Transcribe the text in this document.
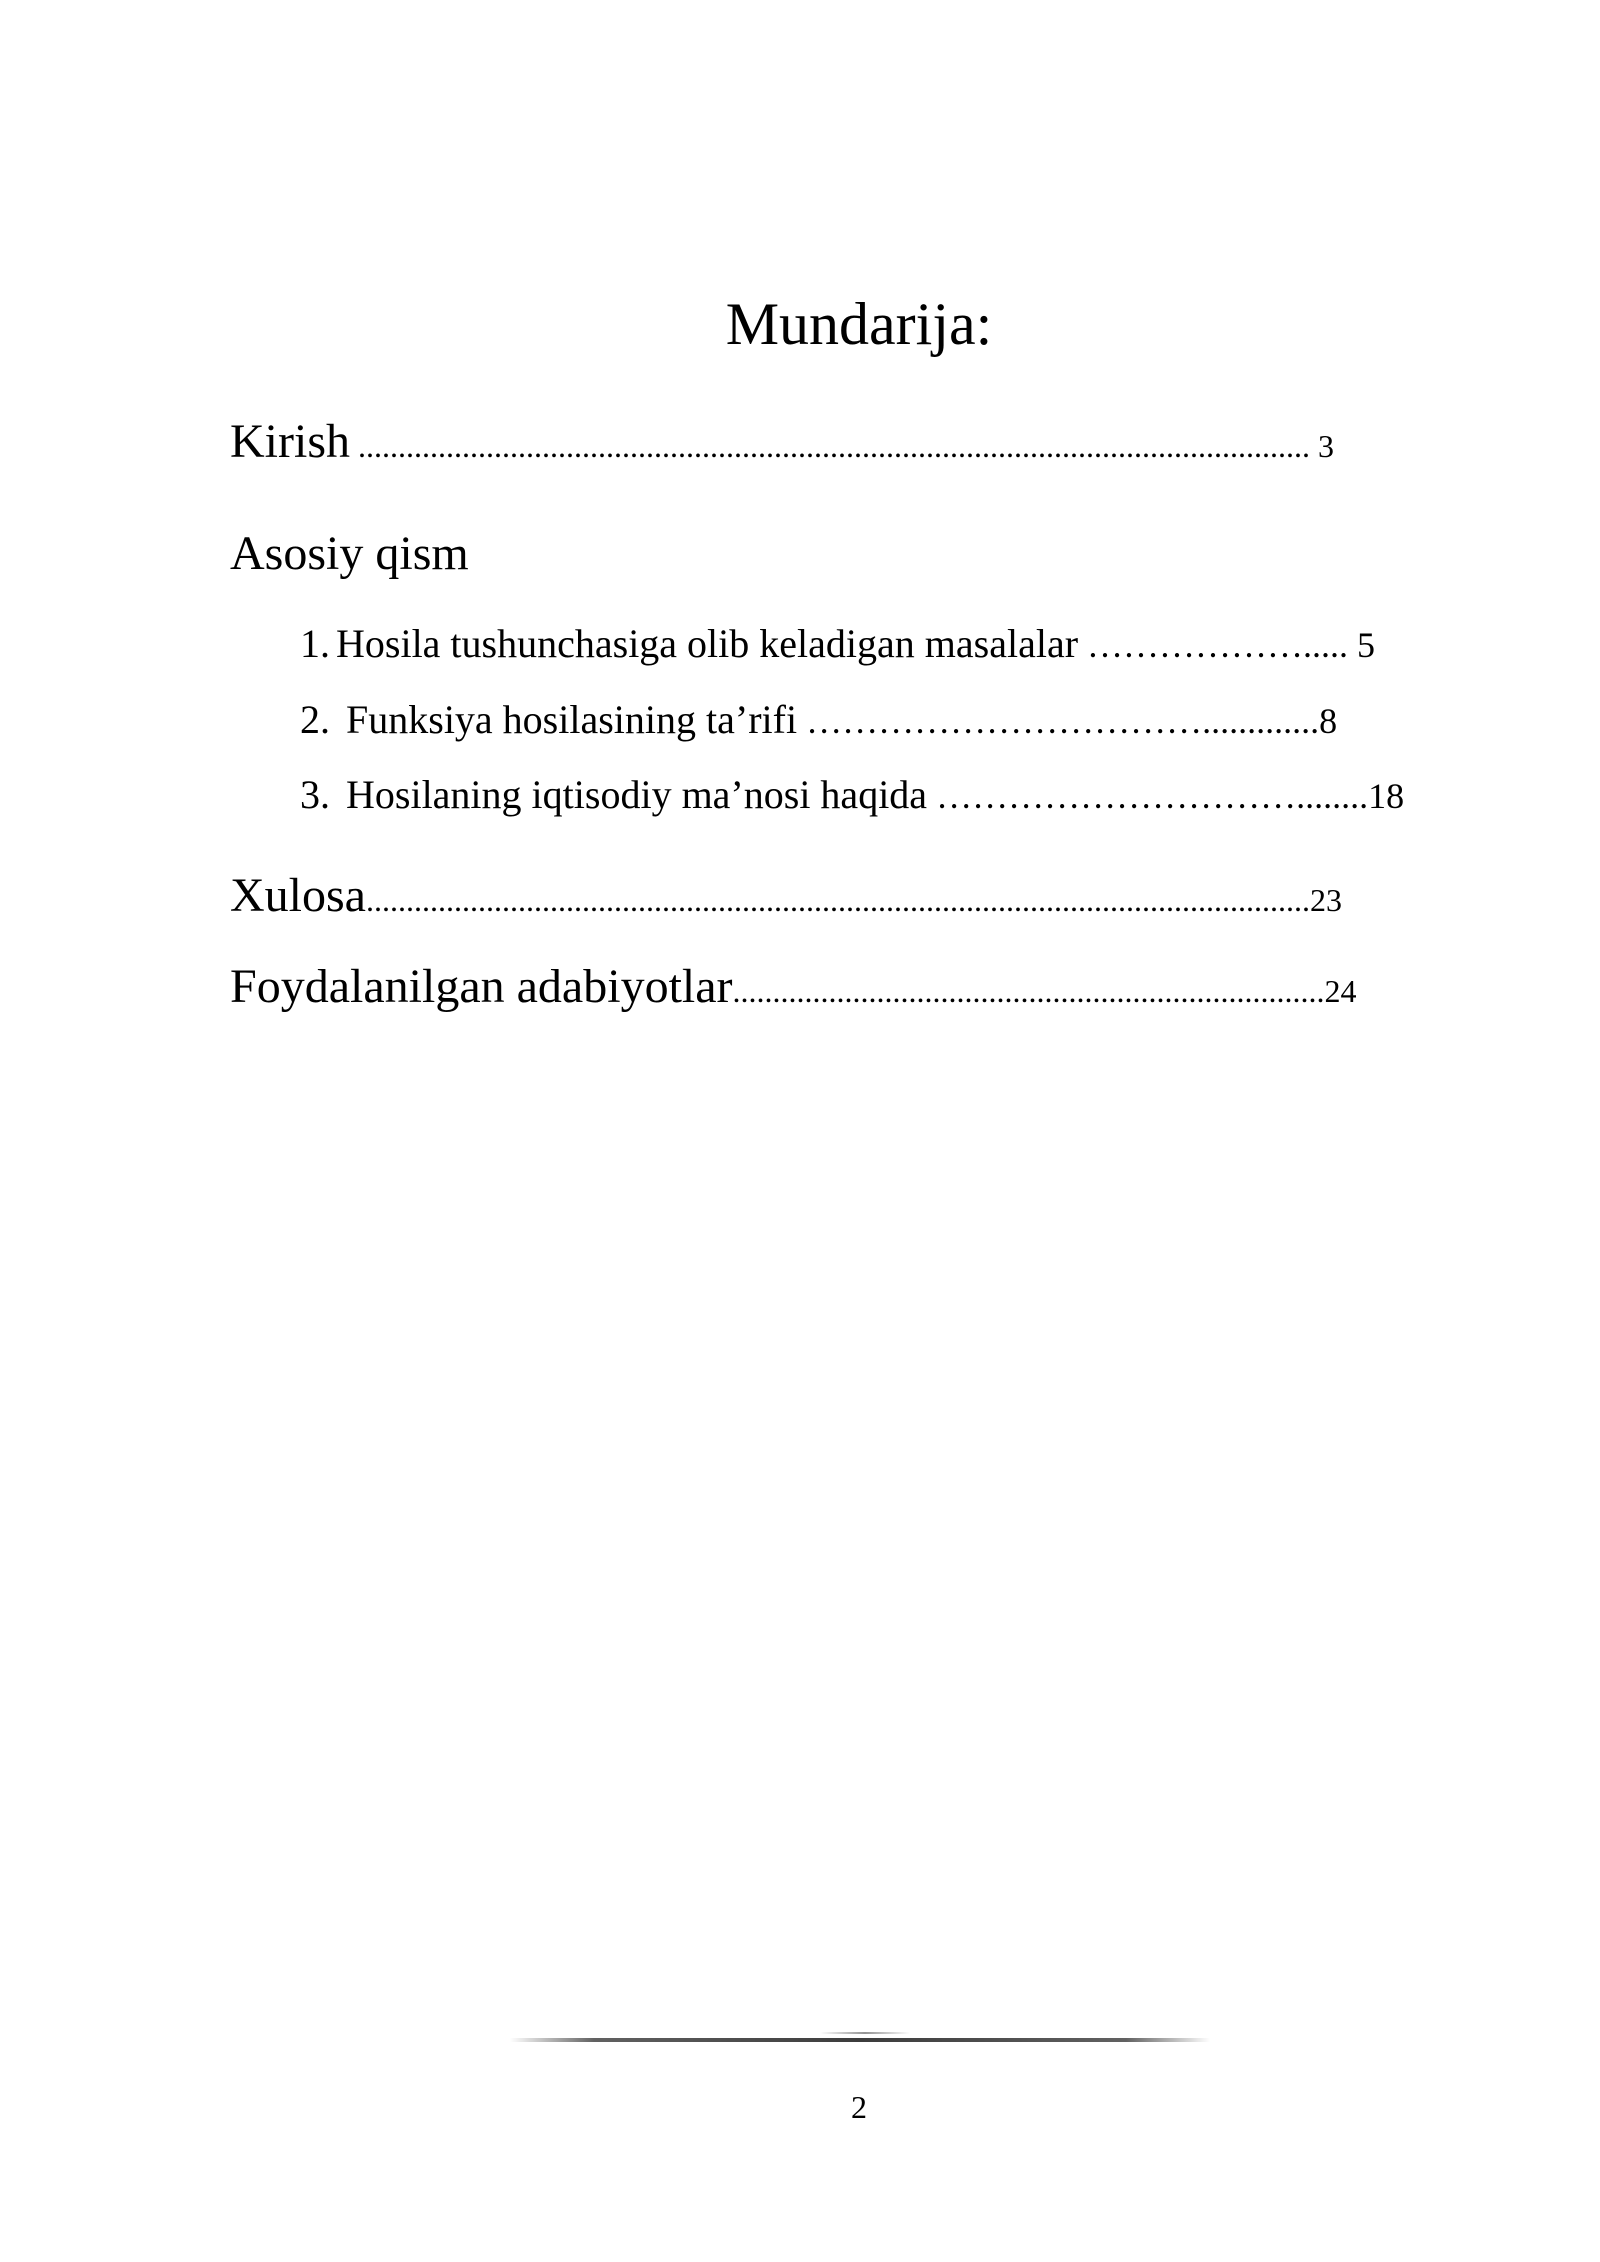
Mundarija:
Kirish ....................................................................................................................... 3
Asosiy qism
1. Hosila tushunchasiga olib keladigan masalalar ………………..... 5
2. Funksiya hosilasining ta’rifi …………………………….............8
3. Hosilaning iqtisodiy ma’nosi haqida …………………………........18
Xulosa......................................................................................................................23
Foydalanilgan adabiyotlar..........................................................................24
2
